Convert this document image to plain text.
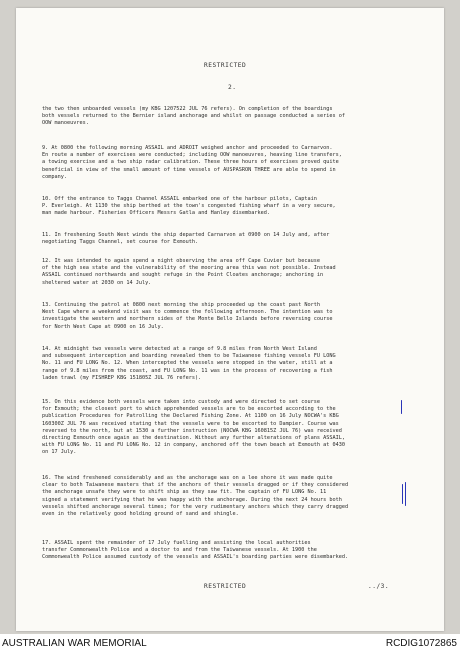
RESTRICTED
2.
the two then unboarded vessels (my KBG 1207522 JUL 76 refers). On completion of the boardings
both vessels returned to the Bernier island anchorage and whilst on passage conducted a series of
OOW manoeuvres.
9. At 0800 the following morning ASSAIL and ADROIT weighed anchor and proceeded to Carnarvon.
En route a number of exercises were conducted; including OOW manoeuvres, heaving line transfers,
a towing exercise and a two ship radar calibration. These three hours of exercises proved quite
beneficial in view of the small amount of time vessels of AUSPASRON THREE are able to spend in
company.
10. Off the entrance to Taggs Channel ASSAIL embarked one of the harbour pilots, Captain
P. Everleigh. At 1130 the ship berthed at the town's congested fishing wharf in a very secure,
man made harbour. Fisheries Officers Messrs Gatla and Hanley disembarked.
11. In freshening South West winds the ship departed Carnarvon at 0900 on 14 July and, after
negotiating Taggs Channel, set course for Exmouth.
12. It was intended to again spend a night observing the area off Cape Cuvier but because
of the high sea state and the vulnerability of the mooring area this was not possible. Instead
ASSAIL continued northwards and sought refuge in the Point Cloates anchorage; anchoring in
sheltered water at 2030 on 14 July.
13. Continuing the patrol at 0800 next morning the ship proceeded up the coast past North
West Cape where a weekend visit was to commence the following afternoon. The intention was to
investigate the western and northern sides of the Monte Bello Islands before reversing course
for North West Cape at 0900 on 16 July.
14. At midnight two vessels were detected at a range of 9.8 miles from North West Island
and subsequent interception and boarding revealed them to be Taiwanese fishing vessels FU LONG
No. 11 and FU LONG No. 12. When intercepted the vessels were stopped in the water, still at a
range of 9.8 miles from the coast, and FU LONG No. 11 was in the process of recovering a fish
laden trawl (my FISHREP KBG 151805Z JUL 76 refers).
15. On this evidence both vessels were taken into custody and were directed to set course
for Exmouth; the closest port to which apprehended vessels are to be escorted according to the
publication Procedures for Patrolling the Declared Fishing Zone. At 1100 on 16 July NOCWA's KBG
160300Z JUL 76 was received stating that the vessels were to be escorted to Dampier. Course was
reversed to the north, but at 1530 a further instruction (NOCWA KBG 160815Z JUL 76) was received
directing Exmouth once again as the destination. Without any further alterations of plans ASSAIL,
with FU LONG No. 11 and FU LONG No. 12 in company, anchored off the town beach at Exmouth at 0430
on 17 July.
16. The wind freshened considerably and as the anchorage was on a lee shore it was made quite
clear to both Taiwanese masters that if the anchors of their vessels dragged or if they considered
the anchorage unsafe they were to shift ship as they saw fit. The captain of FU LONG No. 11
signed a statement verifying that he was happy with the anchorage. During the next 24 hours both
vessels shifted anchorage several times; for the very rudimentary anchors which they carry dragged
even in the relatively good holding ground of sand and shingle.
17. ASSAIL spent the remainder of 17 July fuelling and assisting the local authorities
transfer Commonwealth Police and a doctor to and from the Taiwanese vessels. At 1900 the
Commonwealth Police assumed custody of the vessels and ASSAIL's boarding parties were disembarked.
RESTRICTED	../3.
AUSTRALIAN WAR MEMORIAL	RCDIG1072865
